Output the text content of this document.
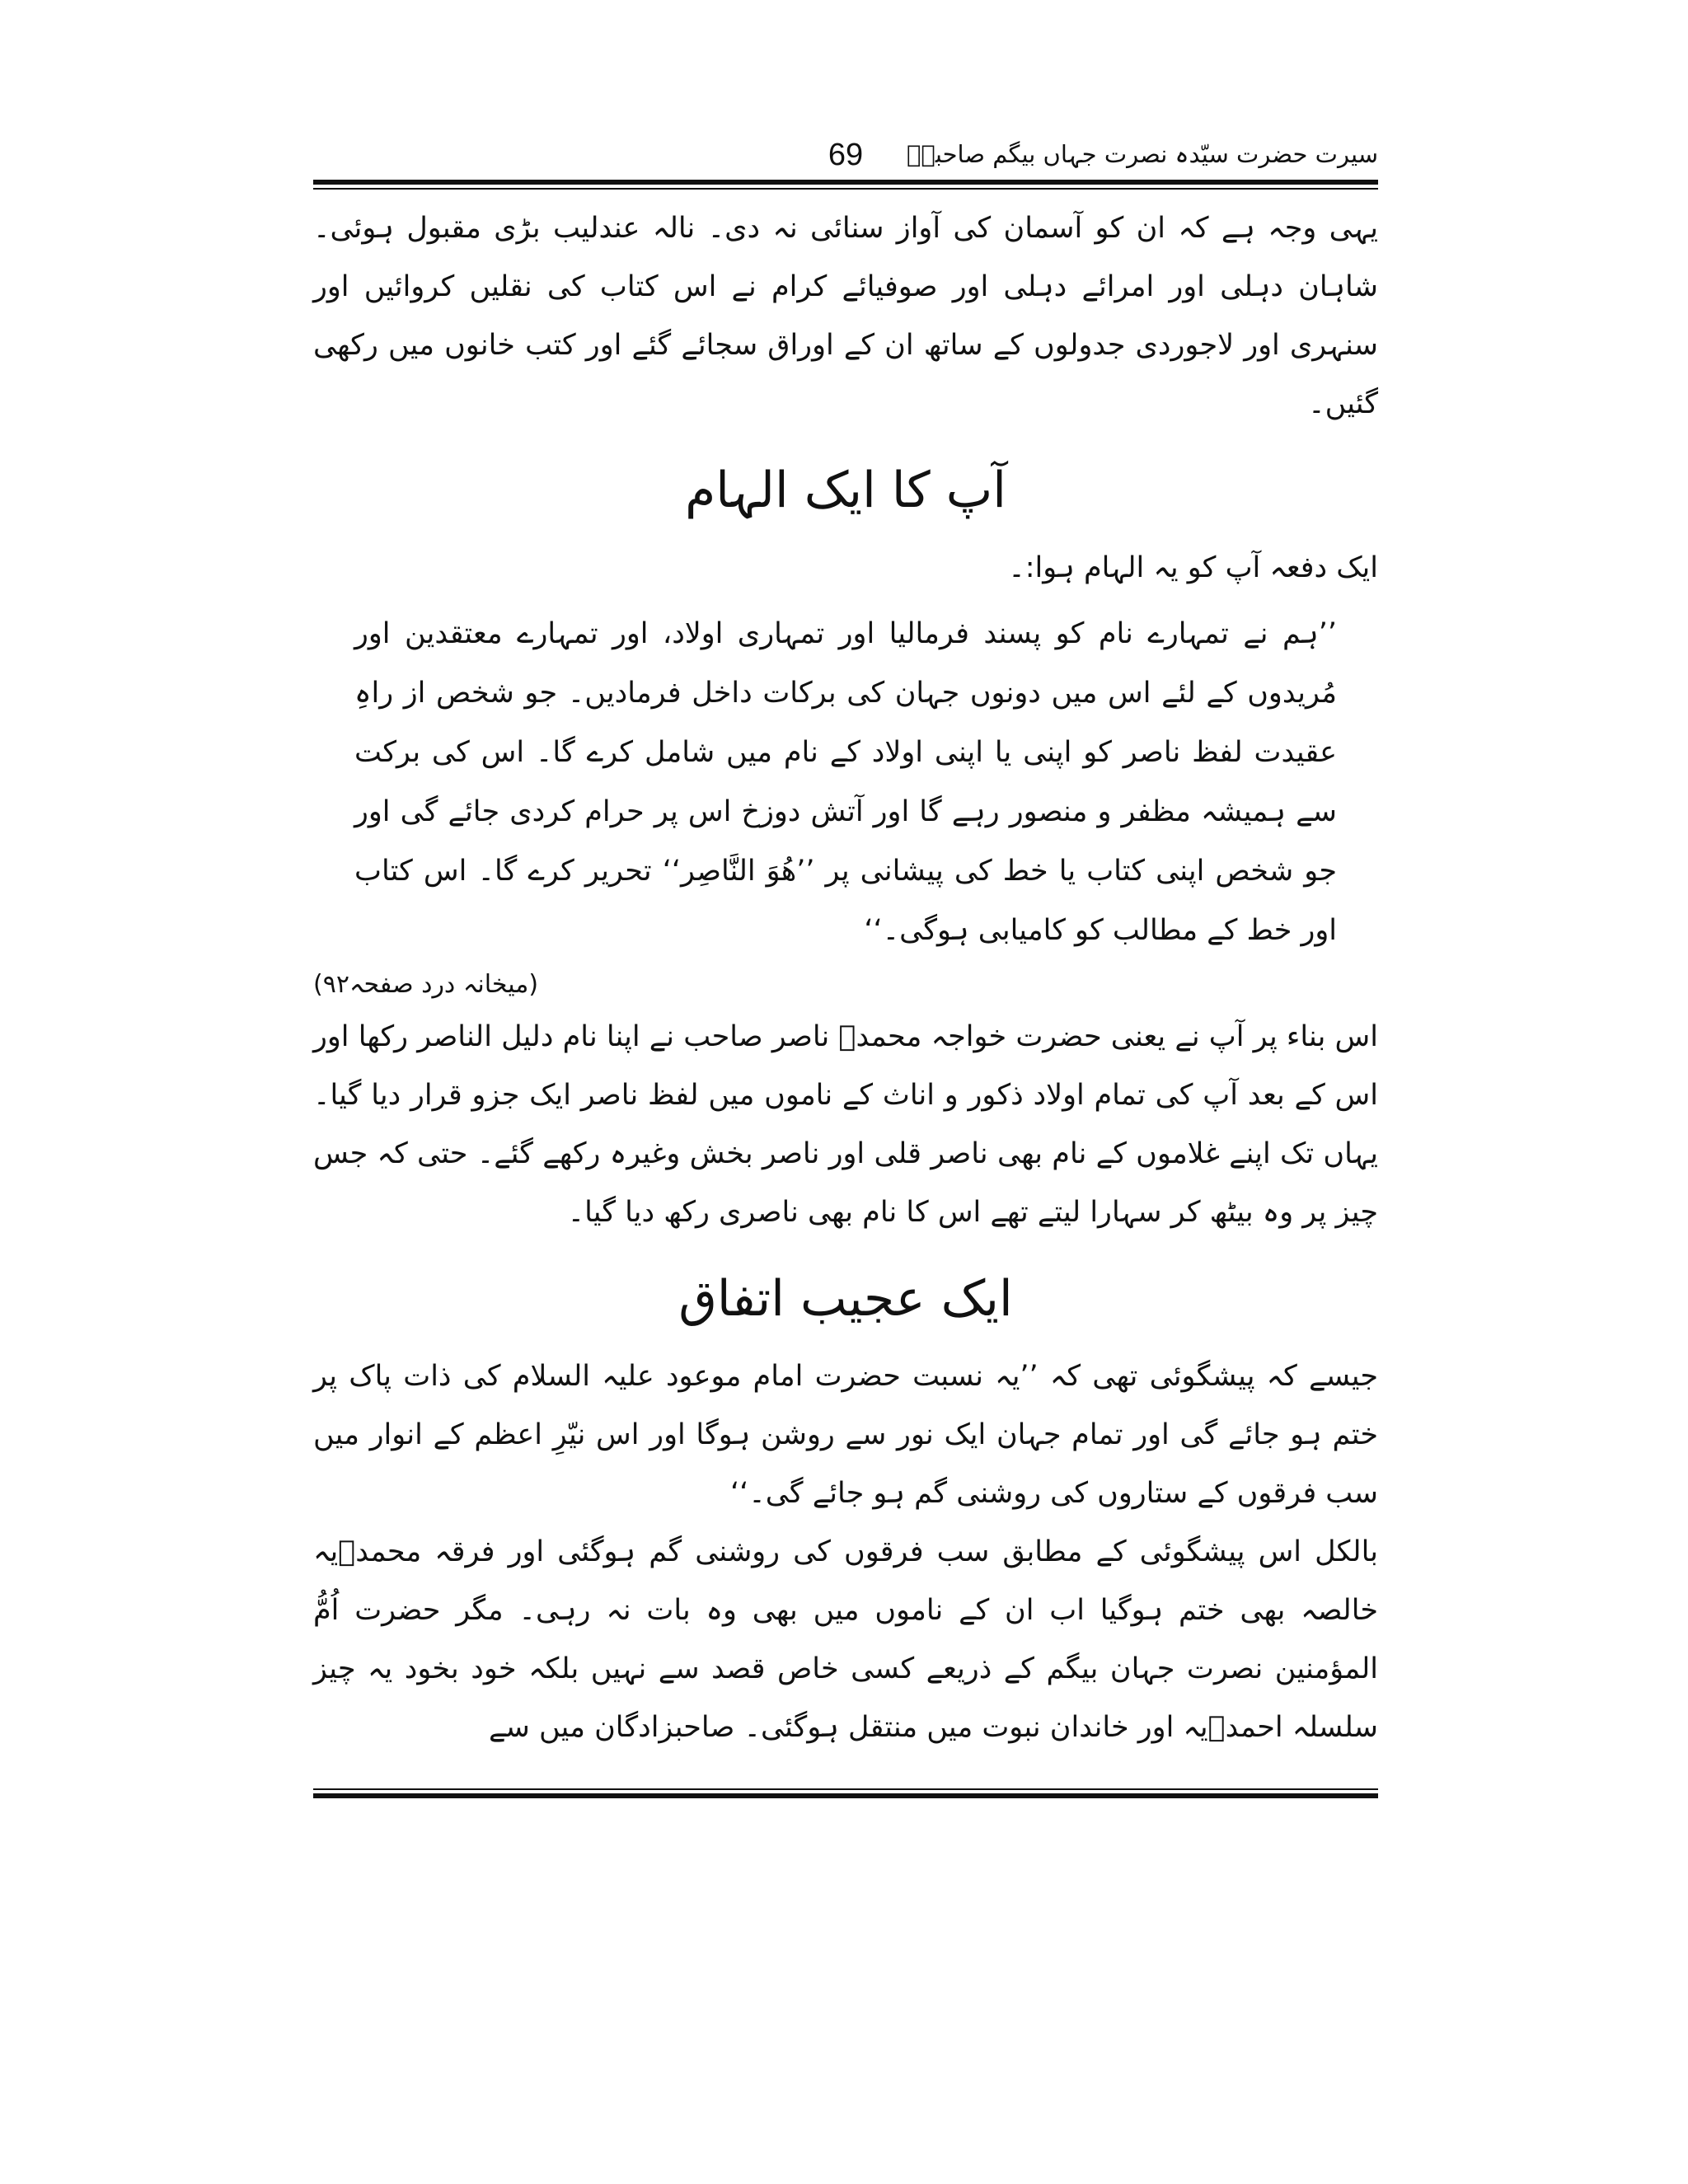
سیرت حضرت سیّدہ نصرت جہاں بیگم صاحبہؓ
69

یہی وجہ ہے کہ ان کو آسمان کی آواز سنائی نہ دی۔ نالہ عندلیب بڑی مقبول ہوئی۔ شاہان دہلی اور امرائے دہلی اور صوفیائے کرام نے اس کتاب کی نقلیں کروائیں اور سنہری اور لاجوردی جدولوں کے ساتھ ان کے اوراق سجائے گئے اور کتب خانوں میں رکھی گئیں۔

آپ کا ایک الہام

ایک دفعہ آپ کو یہ الہام ہوا:۔

’’ہم نے تمہارے نام کو پسند فرمالیا اور تمہاری اولاد، اور تمہارے معتقدین اور مُریدوں کے لئے اس میں دونوں جہان کی برکات داخل فرمادیں۔ جو شخص از راہِ عقیدت لفظ ناصر کو اپنی یا اپنی اولاد کے نام میں شامل کرے گا۔ اس کی برکت سے ہمیشہ مظفر و منصور رہے گا اور آتش دوزخ اس پر حرام کردی جائے گی اور جو شخص اپنی کتاب یا خط کی پیشانی پر ’’ھُوَ النَّاصِر‘‘ تحریر کرے گا۔ اس کتاب اور خط کے مطالب کو کامیابی ہوگی۔‘‘

(میخانہ درد صفحہ۹۲)

اس بناء پر آپ نے یعنی حضرت خواجہ محمدؐ ناصر صاحب نے اپنا نام دلیل الناصر رکھا اور اس کے بعد آپ کی تمام اولاد ذکور و اناث کے ناموں میں لفظ ناصر ایک جزو قرار دیا گیا۔ یہاں تک اپنے غلاموں کے نام بھی ناصر قلی اور ناصر بخش وغیرہ رکھے گئے۔ حتی کہ جس چیز پر وہ بیٹھ کر سہارا لیتے تھے اس کا نام بھی ناصری رکھ دیا گیا۔

ایک عجیب اتفاق

جیسے کہ پیشگوئی تھی کہ ’’یہ نسبت حضرت امام موعود علیہ السلام کی ذات پاک پر ختم ہو جائے گی اور تمام جہان ایک نور سے روشن ہوگا اور اس نیّرِ اعظم کے انوار میں سب فرقوں کے ستاروں کی روشنی گم ہو جائے گی۔‘‘

بالکل اس پیشگوئی کے مطابق سب فرقوں کی روشنی گم ہوگئی اور فرقہ محمدؐیہ خالصہ بھی ختم ہوگیا اب ان کے ناموں میں بھی وہ بات نہ رہی۔ مگر حضرت اُمُّ المؤمنین نصرت جہان بیگم کے ذریعے کسی خاص قصد سے نہیں بلکہ خود بخود یہ چیز سلسلہ احمدؐیہ اور خاندان نبوت میں منتقل ہوگئی۔ صاحبزادگان میں سے
